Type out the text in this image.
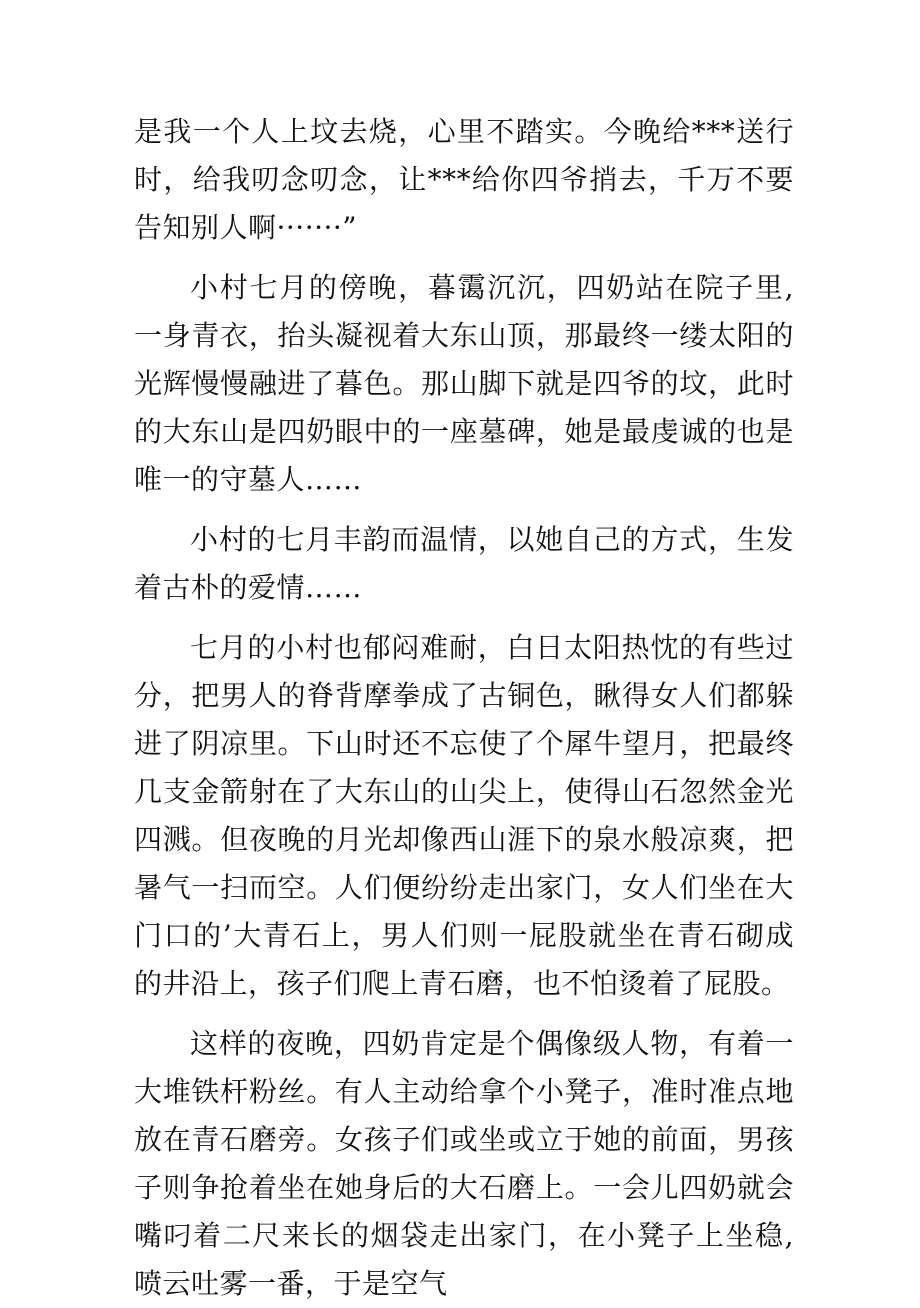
是我一个人上坟去烧，心里不踏实。今晚给***送行时，给我叨念叨念，让***给你四爷捎去，千万不要告知别人啊·······”

小村七月的傍晚，暮霭沉沉，四奶站在院子里,一身青衣，抬头凝视着大东山顶，那最终一缕太阳的光辉慢慢融进了暮色。那山脚下就是四爷的坟，此时的大东山是四奶眼中的一座墓碑，她是最虔诚的也是唯一的守墓人……

小村的七月丰韵而温情，以她自己的方式，生发着古朴的爱情……

七月的小村也郁闷难耐，白日太阳热忱的有些过分，把男人的脊背摩拳成了古铜色，瞅得女人们都躲进了阴凉里。下山时还不忘使了个犀牛望月，把最终几支金箭射在了大东山的山尖上，使得山石忽然金光四溅。但夜晚的月光却像西山涯下的泉水般凉爽，把暑气一扫而空。人们便纷纷走出家门，女人们坐在大门口的’大青石上，男人们则一屁股就坐在青石砌成的井沿上，孩子们爬上青石磨，也不怕烫着了屁股。

这样的夜晚，四奶肯定是个偶像级人物，有着一大堆铁杆粉丝。有人主动给拿个小凳子，准时准点地放在青石磨旁。女孩子们或坐或立于她的前面，男孩子则争抢着坐在她身后的大石磨上。一会儿四奶就会嘴叼着二尺来长的烟袋走出家门，在小凳子上坐稳,喷云吐雾一番，于是空气
